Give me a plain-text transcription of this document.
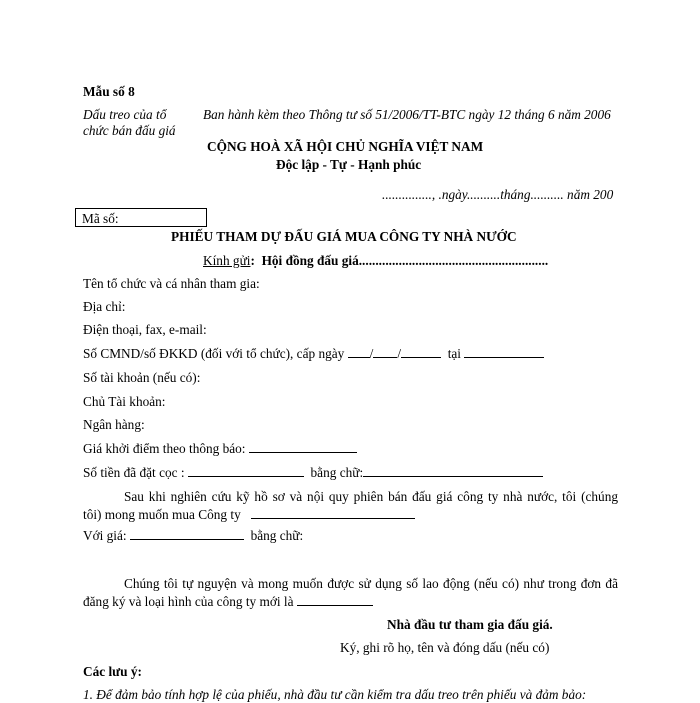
Mẫu số 8
Dấu treo của tổ
chức bán đấu giá
Ban hành kèm theo Thông tư số 51/2006/TT-BTC ngày 12 tháng 6 năm 2006
CỘNG HOÀ XÃ HỘI CHỦ NGHĨA VIỆT NAM
Độc lập - Tự - Hạnh phúc
..............., .ngày..........tháng.......... năm 200
Mã số:
PHIẾU THAM DỰ ĐẤU GIÁ MUA CÔNG TY NHÀ NƯỚC
Kính gửi: Hội đồng đấu giá.........................................................
Tên tổ chức và cá nhân tham gia:
Địa chỉ:
Điện thoại, fax, e-mail:
Số CMND/số ĐKKD (đối với tổ chức), cấp ngày / /	tại
Số tài khoản (nếu có):
Chủ Tài khoản:
Ngân hàng:
Giá khởi điểm theo thông báo:
Số tiền đã đặt cọc :	bằng chữ:
Sau khi nghiên cứu kỹ hồ sơ và nội quy phiên bán đấu giá công ty nhà nước, tôi (chúng
tôi) mong muốn mua Công ty
Với giá:	bằng chữ:
Chúng tôi tự nguyện và mong muốn được sử dụng số lao động (nếu có) như trong đơn đã
đăng ký và loại hình của công ty mới là
Nhà đầu tư tham gia đấu giá.
Ký, ghi rõ họ, tên và đóng dấu (nếu có)
Các lưu ý:
1. Để đảm bảo tính hợp lệ của phiếu, nhà đầu tư cần kiểm tra dấu treo trên phiếu và đảm bảo:
